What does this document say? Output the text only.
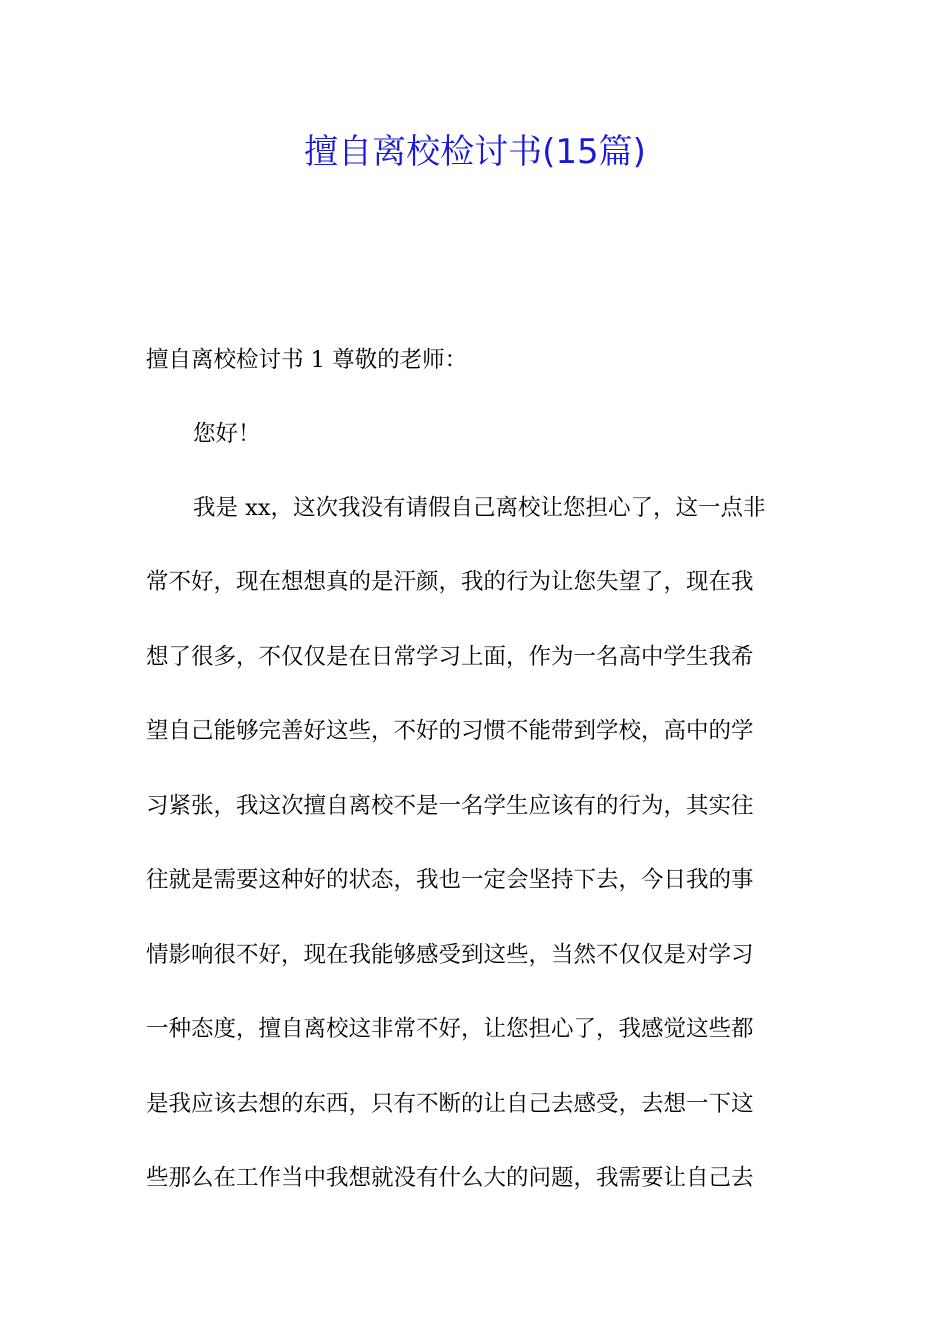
擅自离校检讨书(15篇)
擅自离校检讨书 1 尊敬的老师：
您好！
我是 xx，这次我没有请假自己离校让您担心了，这一点非
常不好，现在想想真的是汗颜，我的行为让您失望了，现在我
想了很多，不仅仅是在日常学习上面，作为一名高中学生我希
望自己能够完善好这些，不好的习惯不能带到学校，高中的学
习紧张，我这次擅自离校不是一名学生应该有的行为，其实往
往就是需要这种好的状态，我也一定会坚持下去，今日我的事
情影响很不好，现在我能够感受到这些，当然不仅仅是对学习
一种态度，擅自离校这非常不好，让您担心了，我感觉这些都
是我应该去想的东西，只有不断的让自己去感受，去想一下这
些那么在工作当中我想就没有什么大的问题，我需要让自己去
